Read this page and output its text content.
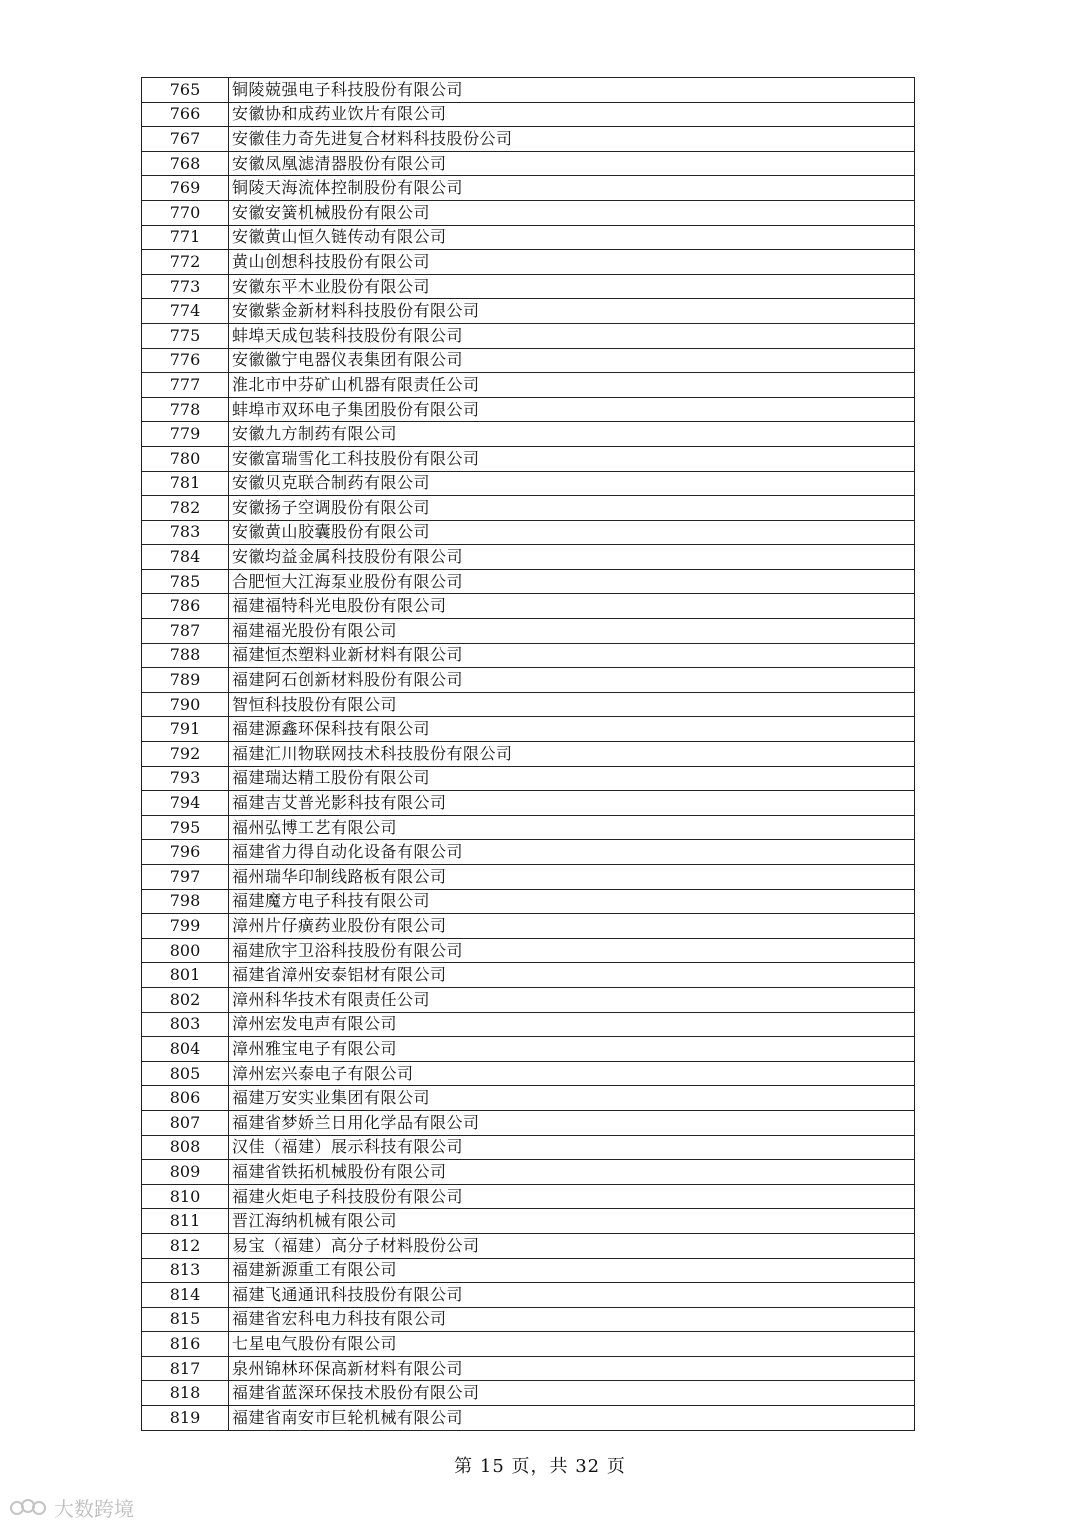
765	铜陵兢强电子科技股份有限公司
766	安徽协和成药业饮片有限公司
767	安徽佳力奇先进复合材料科技股份公司
768	安徽凤凰滤清器股份有限公司
769	铜陵天海流体控制股份有限公司
770	安徽安簧机械股份有限公司
771	安徽黄山恒久链传动有限公司
772	黄山创想科技股份有限公司
773	安徽东平木业股份有限公司
774	安徽紫金新材料科技股份有限公司
775	蚌埠天成包装科技股份有限公司
776	安徽徽宁电器仪表集团有限公司
777	淮北市中芬矿山机器有限责任公司
778	蚌埠市双环电子集团股份有限公司
779	安徽九方制药有限公司
780	安徽富瑞雪化工科技股份有限公司
781	安徽贝克联合制药有限公司
782	安徽扬子空调股份有限公司
783	安徽黄山胶囊股份有限公司
784	安徽均益金属科技股份有限公司
785	合肥恒大江海泵业股份有限公司
786	福建福特科光电股份有限公司
787	福建福光股份有限公司
788	福建恒杰塑料业新材料有限公司
789	福建阿石创新材料股份有限公司
790	智恒科技股份有限公司
791	福建源鑫环保科技有限公司
792	福建汇川物联网技术科技股份有限公司
793	福建瑞达精工股份有限公司
794	福建吉艾普光影科技有限公司
795	福州弘博工艺有限公司
796	福建省力得自动化设备有限公司
797	福州瑞华印制线路板有限公司
798	福建魔方电子科技有限公司
799	漳州片仔癀药业股份有限公司
800	福建欣宇卫浴科技股份有限公司
801	福建省漳州安泰铝材有限公司
802	漳州科华技术有限责任公司
803	漳州宏发电声有限公司
804	漳州雅宝电子有限公司
805	漳州宏兴泰电子有限公司
806	福建万安实业集团有限公司
807	福建省梦娇兰日用化学品有限公司
808	汉佳（福建）展示科技有限公司
809	福建省铁拓机械股份有限公司
810	福建火炬电子科技股份有限公司
811	晋江海纳机械有限公司
812	易宝（福建）高分子材料股份公司
813	福建新源重工有限公司
814	福建飞通通讯科技股份有限公司
815	福建省宏科电力科技有限公司
816	七星电气股份有限公司
817	泉州锦林环保高新材料有限公司
818	福建省蓝深环保技术股份有限公司
819	福建省南安市巨轮机械有限公司
第 15 页，共 32 页
大数跨境
